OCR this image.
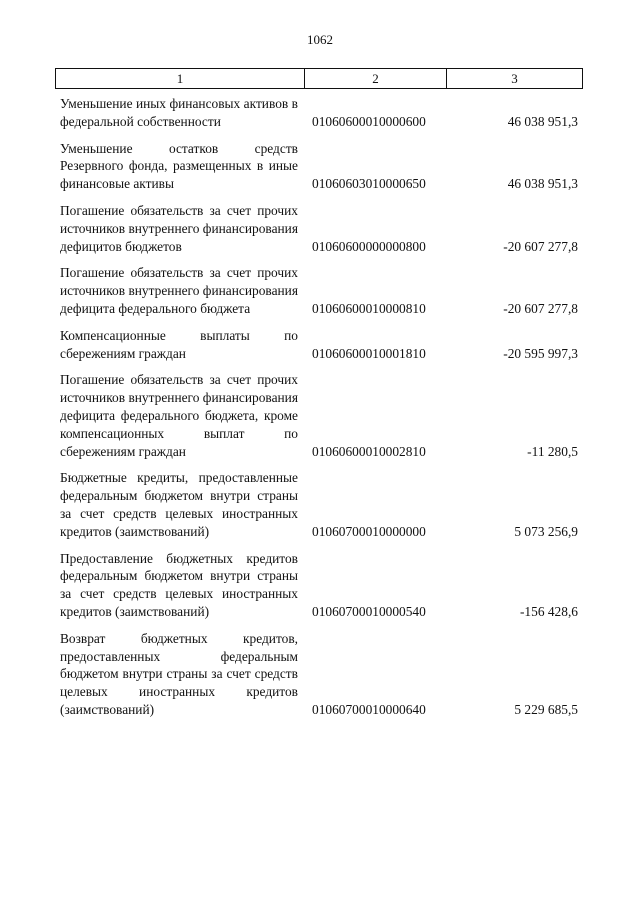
1062
1	2	3
Уменьшение иных финансовых активов в федеральной собственности	01060600010000600	46 038 951,3
Уменьшение остатков средств Резервного фонда, размещенных в иные финансовые активы	01060603010000650	46 038 951,3
Погашение обязательств за счет прочих источников внутреннего финансирования дефицитов бюджетов	01060600000000800	-20 607 277,8
Погашение обязательств за счет прочих источников внутреннего финансирования дефицита федерального бюджета	01060600010000810	-20 607 277,8
Компенсационные выплаты по сбережениям граждан	01060600010001810	-20 595 997,3
Погашение обязательств за счет прочих источников внутреннего финансирования дефицита федерального бюджета, кроме компенсационных выплат по сбережениям граждан	01060600010002810	-11 280,5
Бюджетные кредиты, предоставленные федеральным бюджетом внутри страны за счет средств целевых иностранных кредитов (заимствований)	01060700010000000	5 073 256,9
Предоставление бюджетных кредитов федеральным бюджетом внутри страны за счет средств целевых иностранных кредитов (заимствований)	01060700010000540	-156 428,6
Возврат бюджетных кредитов, предоставленных федеральным бюджетом внутри страны за счет средств целевых иностранных кредитов (заимствований)	01060700010000640	5 229 685,5
